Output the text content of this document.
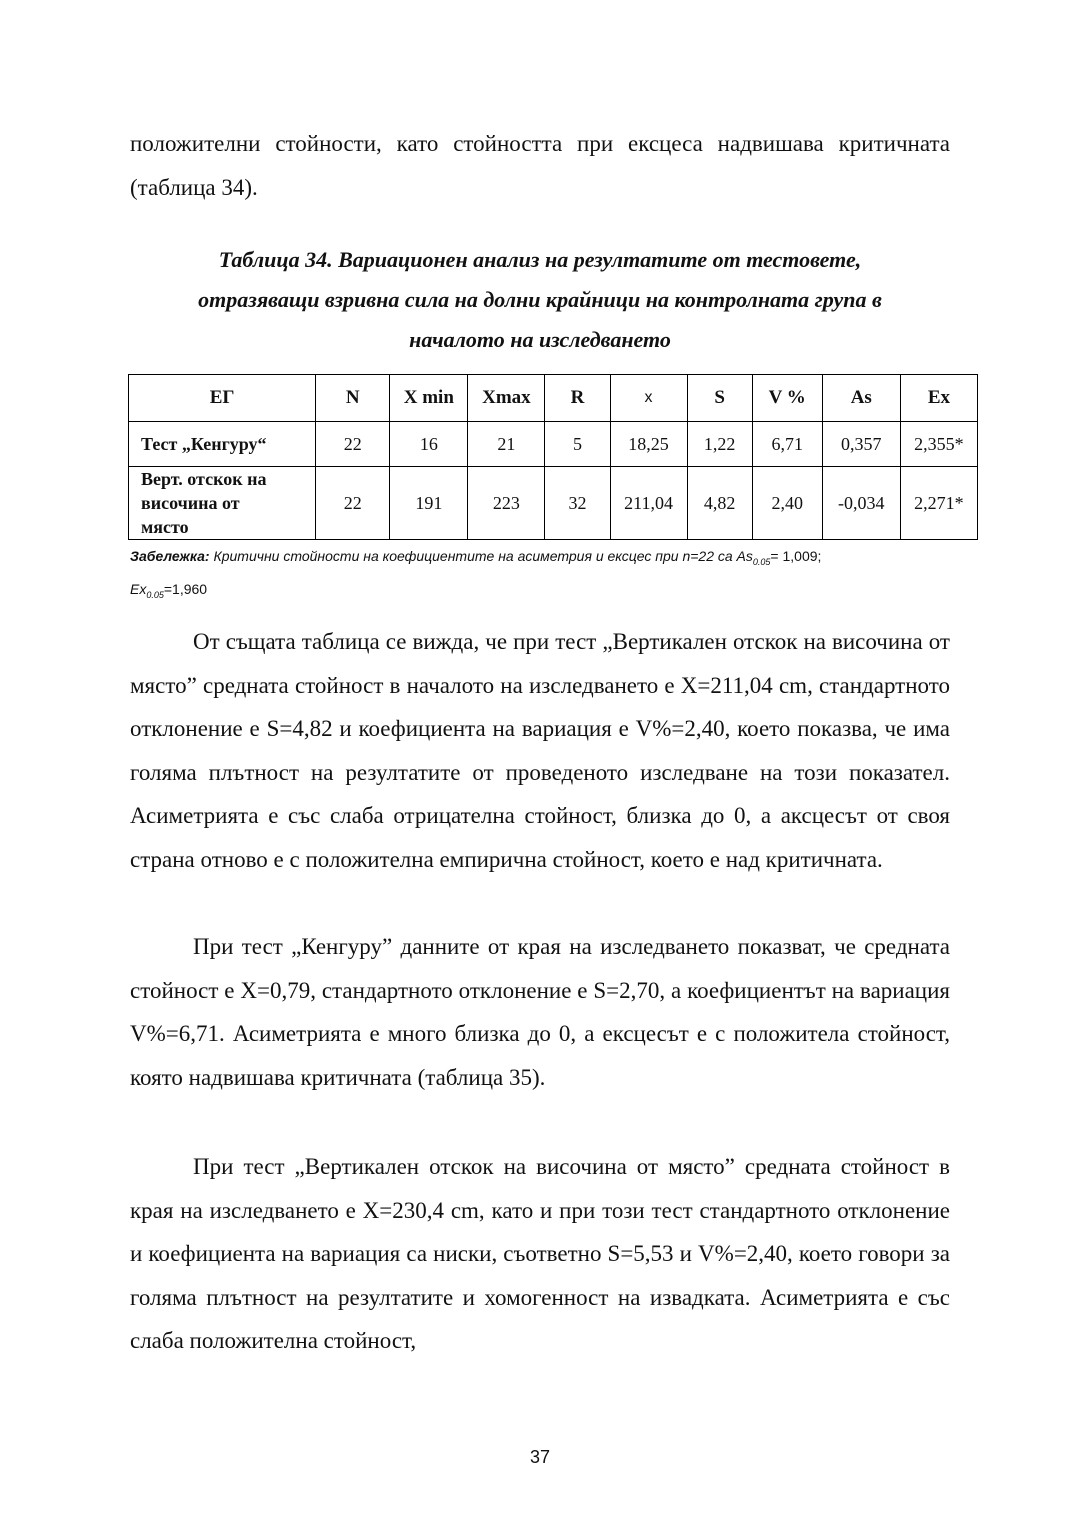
положителни стойности, като стойността при ексцеса надвишава критичната (таблица 34).

Таблица 34. Вариационен анализ на резултатите от тестовете,
отразяващи взривна сила на долни крайници на контролната група в
началото на изследването

ЕГ	N	X min	Xmax	R	x	S	V %	As	Ex
Тест „Кенгуру“	22	16	21	5	18,25	1,22	6,71	0,357	2,355*
Верт. отскок на
височина от
място	22	191	223	32	211,04	4,82	2,40	-0,034	2,271*

Забележка: Критични стойности на коефициентите на асиметрия и ексцес при n=22 са $As_{0.05}= 1,009$;
$Ex_{0.05}=1,960$

От същата таблица се вижда, че при тест „Вертикален отскок на височина от място” средната стойност в началото на изследването е X=211,04 cm, стандартното отклонение е S=4,82 и коефициента на вариация е V%=2,40, което показва, че има голяма плътност на резултатите от проведеното изследване на този показател. Асиметрията е със слаба отрицателна стойност, близка до 0, а аксцесът от своя страна отново е с положителна емпирична стойност, което е над критичната.

При тест „Кенгуру” данните от края на изследването показват, че средната стойност е X=0,79, стандартното отклонение е S=2,70, а коефициентът на вариация V%=6,71. Асиметрията е много близка до 0, а ексцесът е с положитела стойност, която надвишава критичната (таблица 35).

При тест „Вертикален отскок на височина от място” средната стойност в края на изследването е X=230,4 cm, като и при този тест стандартното отклонение и коефициента на вариация са ниски, съответно S=5,53 и V%=2,40, което говори за голяма плътност на резултатите и хомогенност на извадката. Асиметрията е със слаба положителна стойност,

37
